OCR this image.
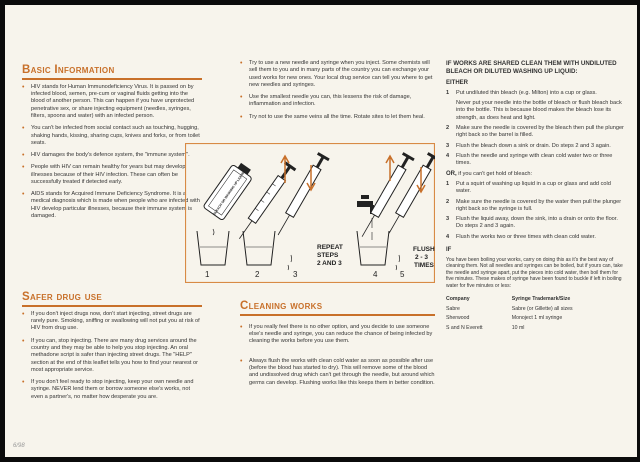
Basic Information
• HIV stands for Human Immunodeficiency Virus. It is passed on by infected blood, semen, pre-cum or vaginal fluids getting into the blood of another person. This can happen if you have unprotected penetrative sex, or share injecting equipment (needles, syringes, filters, spoons and water) with an infected person.
• You can't be infected from social contact such as touching, hugging, shaking hands, kissing, sharing cups, knives and forks, or from toilet seats.
• HIV damages the body's defence system, the "immune system".
• People with HIV can remain healthy for years but may develop illnesses because of their HIV infection. These can often be successfully treated if detected early.
• AIDS stands for Acquired Immune Deficiency Syndrome. It is a medical diagnosis which is made when people who are infected with HIV develop particular illnesses, because their immune system is damaged.
Safer drug use
• If you don't inject drugs now, don't start injecting, street drugs are rarely pure. Smoking, sniffing or swallowing will not put you at risk of HIV from drug use.
• If you can, stop injecting. There are many drug services around the country and they may be able to help you stop injecting. An oral methadone script is safer than injecting street drugs. The "HELP" section at the end of this leaflet tells you how to find your nearest or most appropriate service.
• If you don't feel ready to stop injecting, keep your own needle and syringe. NEVER lend them or borrow someone else's works, not even a partner's, no matter how desperate you are.
• Try to use a new needle and syringe when you inject. Some chemists will sell them to you and in many parts of the country you can exchange your used works for new ones. Your local drug service can tell you where to get new needles and syringes.
• Use the smallest needle you can, this lessens the risk of damage, inflammation and infection.
• Try not to use the same veins all the time. Rotate sites to let them heal.
BLEACH OR WASHING UP LIQUID
1	2	3
REPEAT
STEPS
2 AND 3
4	5
FLUSH
2 - 3
TIMES
Cleaning works
• If you really feel there is no other option, and you decide to use someone else's needle and syringe, you can reduce the chance of being infected by cleaning the works before you use them.
• Always flush the works with clean cold water as soon as possible after use (before the blood has started to dry). This will remove some of the blood and undissolved drug which can't get through the needle, but around which germs can develop. Flushing works like this keeps them in better condition.
IF WORKS ARE SHARED CLEAN THEM WITH UNDILUTED BLEACH OR DILUTED WASHING UP LIQUID:
EITHER
1	Put undiluted thin bleach (e.g. Milton) into a cup or glass.
Never put your needle into the bottle of bleach or flush bleach back into the bottle. This is because blood makes the bleach lose its strength, as does heat and light.
2	Make sure the needle is covered by the bleach then pull the plunger right back so the barrel is filled.
3	Flush the bleach down a sink or drain. Do steps 2 and 3 again.
4	Flush the needle and syringe with clean cold water two or three times.
OR, if you can't get hold of bleach:
1	Put a squirt of washing up liquid in a cup or glass and add cold water.
2	Make sure the needle is covered by the water then pull the plunger right back so the syringe is full.
3	Flush the liquid away, down the sink, into a drain or onto the floor. Do steps 2 and 3 again.
4	Flush the works two or three times with clean cold water.
IF
You have been boiling your works, carry on doing this as it's the best way of cleaning them. Not all needles and syringes can be boiled, but if yours can, take the needle and syringe apart, put the pieces into cold water, then boil them for five minutes. These makes of syringe have been found to buckle if left in boiling water for five minutes or less:
Company	Syringe Trademark/Size
Sabre	Sabre (or Gillette) all sizes
Sherwood	Monoject 1 ml syringe
S and N Everett	10 ml
6/98
